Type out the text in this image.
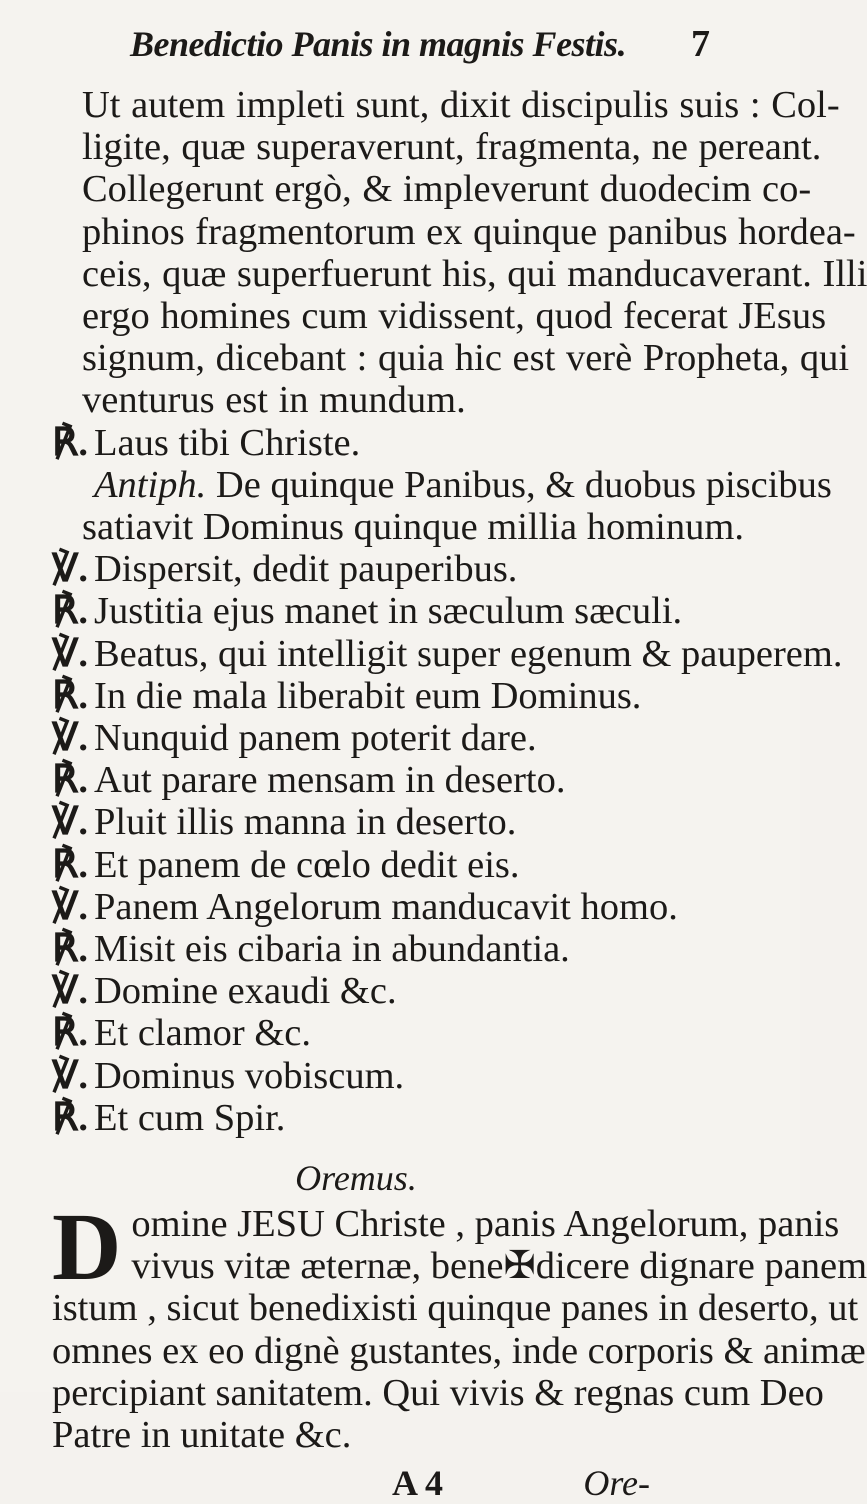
Benedictio Panis in magnis Festis. 7

Ut autem impleti sunt, dixit discipulis suis : Col-
ligite, quæ superaverunt, fragmenta, ne pereant.
Collegerunt ergò, & impleverunt duodecim co-
phinos fragmentorum ex quinque panibus hordea-
ceis, quæ superfuerunt his, qui manducaverant. Illi
ergo homines cum vidissent, quod fecerat JEsus
signum, dicebant : quia hic est verè Propheta, qui
venturus est in mundum.

℟. Laus tibi Christe.
Antiph. De quinque Panibus, & duobus piscibus
satiavit Dominus quinque millia hominum.
℣. Dispersit, dedit pauperibus.
℟. Justitia ejus manet in sæculum sæculi.
℣. Beatus, qui intelligit super egenum & pauperem.
℟. In die mala liberabit eum Dominus.
℣. Nunquid panem poterit dare.
℟. Aut parare mensam in deserto.
℣. Pluit illis manna in deserto.
℟. Et panem de cœlo dedit eis.
℣. Panem Angelorum manducavit homo.
℟. Misit eis cibaria in abundantia.
℣. Domine exaudi &c.
℟. Et clamor &c.
℣. Dominus vobiscum.
℟. Et cum Spir.
Oremus.
D omine JESU Christe , panis Angelorum, panis
vivus vitæ æternæ, bene✠dicere dignare panem
istum , sicut benedixisti quinque panes in deserto, ut
omnes ex eo dignè gustantes, inde corporis & animæ
percipiant sanitatem. Qui vivis & regnas cum Deo
Patre in unitate &c.
A 4	Ore-
